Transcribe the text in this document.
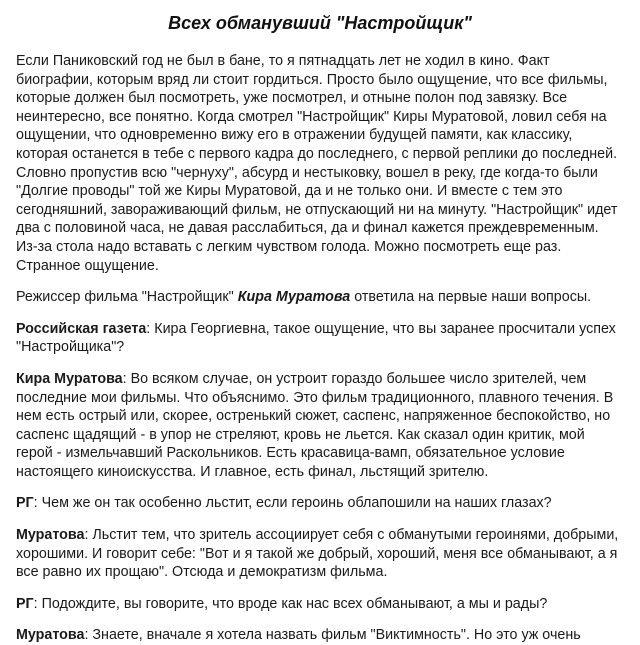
Всех обманувший "Настройщик"

Если Паниковский год не был в бане, то я пятнадцать лет не ходил в кино. Факт биографии, которым вряд ли стоит гордиться. Просто было ощущение, что все фильмы, которые должен был посмотреть, уже посмотрел, и отныне полон под завязку. Все неинтересно, все понятно. Когда смотрел "Настройщик" Киры Муратовой, ловил себя на ощущении, что одновременно вижу его в отражении будущей памяти, как классику, которая останется в тебе с первого кадра до последнего, с первой реплики до последней. Словно пропустив всю "чернуху", абсурд и нестыковку, вошел в реку, где когда-то были "Долгие проводы" той же Киры Муратовой, да и не только они. И вместе с тем это сегодняшний, завораживающий фильм, не отпускающий ни на минуту. "Настройщик" идет два с половиной часа, не давая расслабиться, да и финал кажется преждевременным. Из-за стола надо вставать с легким чувством голода. Можно посмотреть еще раз. Странное ощущение.

Режиссер фильма "Настройщик" Кира Муратова ответила на первые наши вопросы.

Российская газета: Кира Георгиевна, такое ощущение, что вы заранее просчитали успех "Настройщика"?

Кира Муратова: Во всяком случае, он устроит гораздо большее число зрителей, чем последние мои фильмы. Что объяснимо. Это фильм традиционного, плавного течения. В нем есть острый или, скорее, остренький сюжет, саспенс, напряженное беспокойство, но саспенс щадящий - в упор не стреляют, кровь не льется. Как сказал один критик, мой герой - измельчавший Раскольников. Есть красавица-вамп, обязательное условие настоящего киноискусства. И главное, есть финал, льстящий зрителю.

РГ: Чем же он так особенно льстит, если героинь облапошили на наших глазах?

Муратова: Льстит тем, что зритель ассоциирует себя с обманутыми героинями, добрыми, хорошими. И говорит себе: "Вот и я такой же добрый, хороший, меня все обманывают, а я все равно их прощаю". Отсюда и демократизм фильма.

РГ: Подождите, вы говорите, что вроде как нас всех обманывают, а мы и рады?

Муратова: Знаете, вначале я хотела назвать фильм "Виктимность". Но это уж очень
